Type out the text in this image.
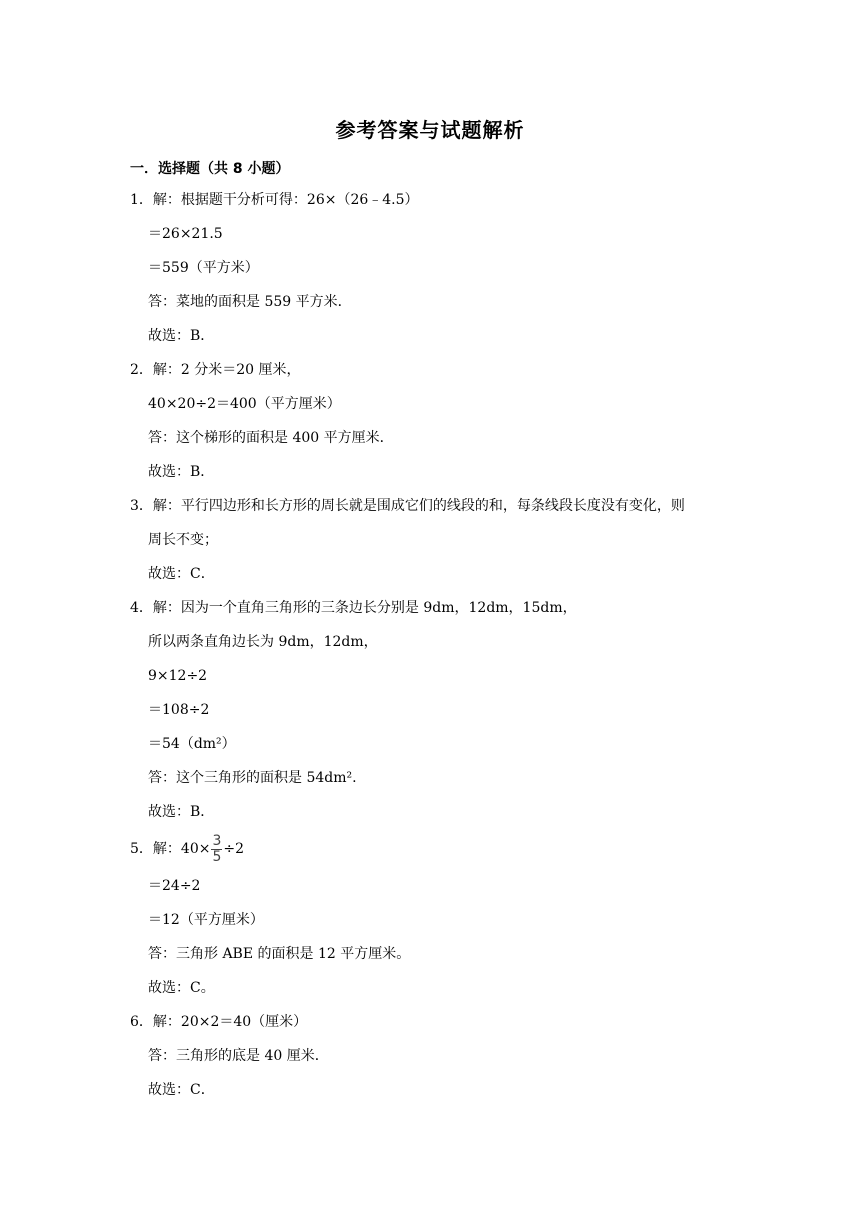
参考答案与试题解析
一．选择题（共 8 小题）
1．解：根据题干分析可得：26×（26﹣4.5）
＝26×21.5
＝559（平方米）
答：菜地的面积是 559 平方米．
故选：B．
2．解：2 分米＝20 厘米，
40×20÷2＝400（平方厘米）
答：这个梯形的面积是 400 平方厘米．
故选：B．
3．解：平行四边形和长方形的周长就是围成它们的线段的和，每条线段长度没有变化，则
周长不变；
故选：C．
4．解：因为一个直角三角形的三条边长分别是 9dm，12dm，15dm，
所以两条直角边长为 9dm，12dm，
9×12÷2
＝108÷2
＝54（dm²）
答：这个三角形的面积是 54dm².
故选：B．
5．解：$40\times \frac{3}{5} \div 2$
＝24÷2
＝12（平方厘米）
答：三角形 ABE 的面积是 12 平方厘米。
故选：C。
6．解：20×2＝40（厘米）
答：三角形的底是 40 厘米．
故选：C．
